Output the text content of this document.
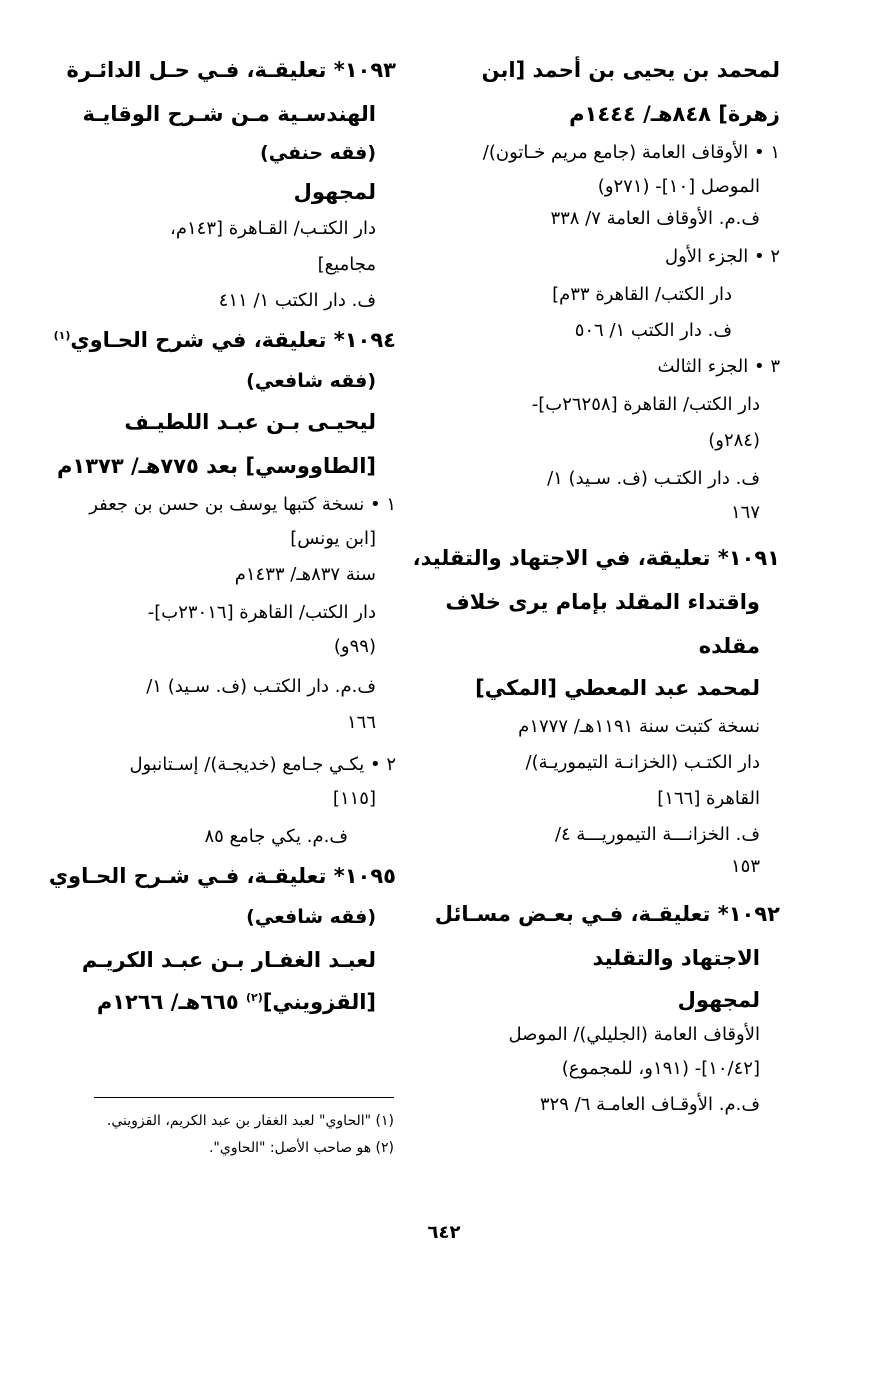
لمحمد بن يحيى بن أحمد [ابن
زهرة] ٨٤٨هـ/ ١٤٤٤م
١ • الأوقاف العامة (جامع مريم خـاتون)/
الموصل [١٠]- (٢٧١و)
ف.م. الأوقاف العامة ٧/ ٣٣٨
٢ • الجزء الأول
دار الكتب/ القاهرة ٣٣م]
ف. دار الكتب ١/ ٥٠٦
٣ • الجزء الثالث
دار الكتب/ القاهرة [٢٦٢٥٨ب]-
(٢٨٤و)
ف. دار الكتـب (ف. سـيد) ١/
١٦٧
١٠٩١* تعليقة، في الاجتهاد والتقليد،
واقتداء المقلد بإمام يرى خلاف
مقلده
لمحمد عبد المعطي [المكي]
نسخة كتبت سنة ١١٩١هـ/ ١٧٧٧م
دار الكتـب (الخزانـة التيموريـة)/
القاهرة [١٦٦]
ف. الخزانـــة التيموريـــة ٤/
١٥٣
١٠٩٢* تعليقـة، فـي بعـض مسـائل
الاجتهاد والتقليد
لمجهول
الأوقاف العامة (الجليلي)/ الموصل
[١٠/٤٢]- (١٩١و، للمجموع)
ف.م. الأوقـاف العامـة ٦/ ٣٢٩
١٠٩٣* تعليقـة، فـي حـل الدائـرة
الهندسـية مـن شـرح الوقايـة
(فقه حنفي)
لمجهول
دار الكتـب/ القـاهرة [١٤٣م،
مجاميع]
ف. دار الكتب ١/ ٤١١
١٠٩٤* تعليقة، في شرح الحـاوي$^{(١)}$
(فقه شافعي)
ليحيـى بـن عبـد اللطيـف
[الطاووسي] بعد ٧٧٥هـ/ ١٣٧٣م
١ • نسخة كتبها يوسف بن حسن بن جعفر
[ابن يونس]
سنة ٨٣٧هـ/ ١٤٣٣م
دار الكتب/ القاهرة [٢٣٠١٦ب]-
(٩٩و)
ف.م. دار الكتـب (ف. سـيد) ١/
١٦٦
٢ • يكـي جـامع (خديجـة)/ إسـتانبول
[١١٥]
ف.م. يكي جامع ٨٥
١٠٩٥* تعليقـة، فـي شـرح الحـاوي
(فقه شافعي)
لعبـد الغفـار بـن عبـد الكريـم
[القزويني]$^{(٢)}$ ٦٦٥هـ/ ١٢٦٦م
(١) "الحاوي" لعبد الغفار بن عبد الكريم، القزويني.
(٢) هو صاحب الأصل: "الحاوي".
٦٤٢
